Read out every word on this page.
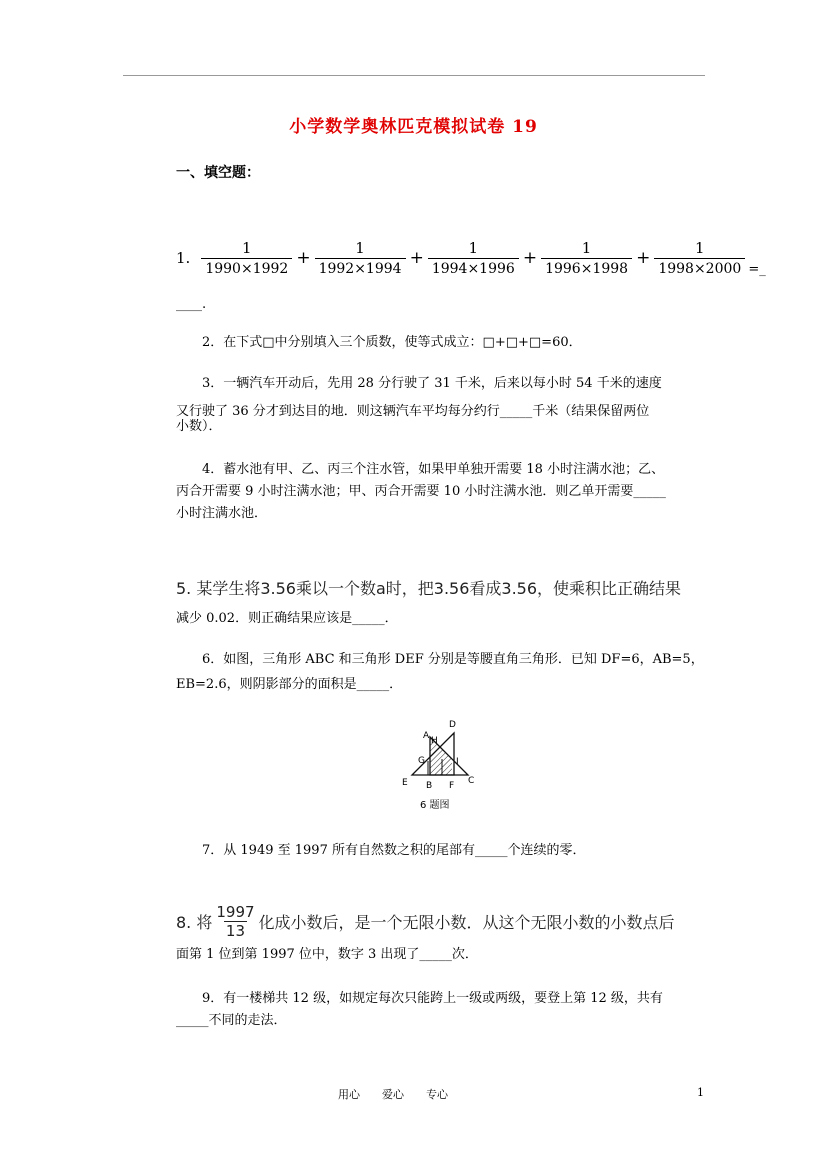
小学数学奥林匹克模拟试卷 19
一、填空题：
1. $\frac{1}{1990\times 1992} + \frac{1}{1992\times 1994} + \frac{1}{1994\times 1996} + \frac{1}{1996\times 1998} + \frac{1}{1998\times 2000}$ =_
____.
2．在下式□中分别填入三个质数，使等式成立：□+□+□=60．
3．一辆汽车开动后，先用 28 分行驶了 31 千米，后来以每小时 54 千米的速度
又行驶了 36 分才到达目的地．则这辆汽车平均每分约行_____千米（结果保留两位
小数）．
4．蓄水池有甲、乙、丙三个注水管，如果甲单独开需要 18 小时注满水池；乙、
丙合开需要 9 小时注满水池；甲、丙合开需要 10 小时注满水池．则乙单开需要_____
小时注满水池．
5. 某学生将3.56乘以一个数a时，把3.56看成3.56，使乘积比正确结果
减少 0.02．则正确结果应该是_____．
6．如图，三角形 ABC 和三角形 DEF 分别是等腰直角三角形．已知 DF=6，AB=5，
EB=2.6，则阴影部分的面积是_____．
D
A H
G	I
E B F C
6 题图
7．从 1949 至 1997 所有自然数之积的尾部有_____个连续的零．
8. 将 $\frac{1997}{13}$ 化成小数后，是一个无限小数．从这个无限小数的小数点后
面第 1 位到第 1997 位中，数字 3 出现了_____次．
9．有一楼梯共 12 级，如规定每次只能跨上一级或两级，要登上第 12 级，共有
_____不同的走法．
用心　　爱心　　专心	1
